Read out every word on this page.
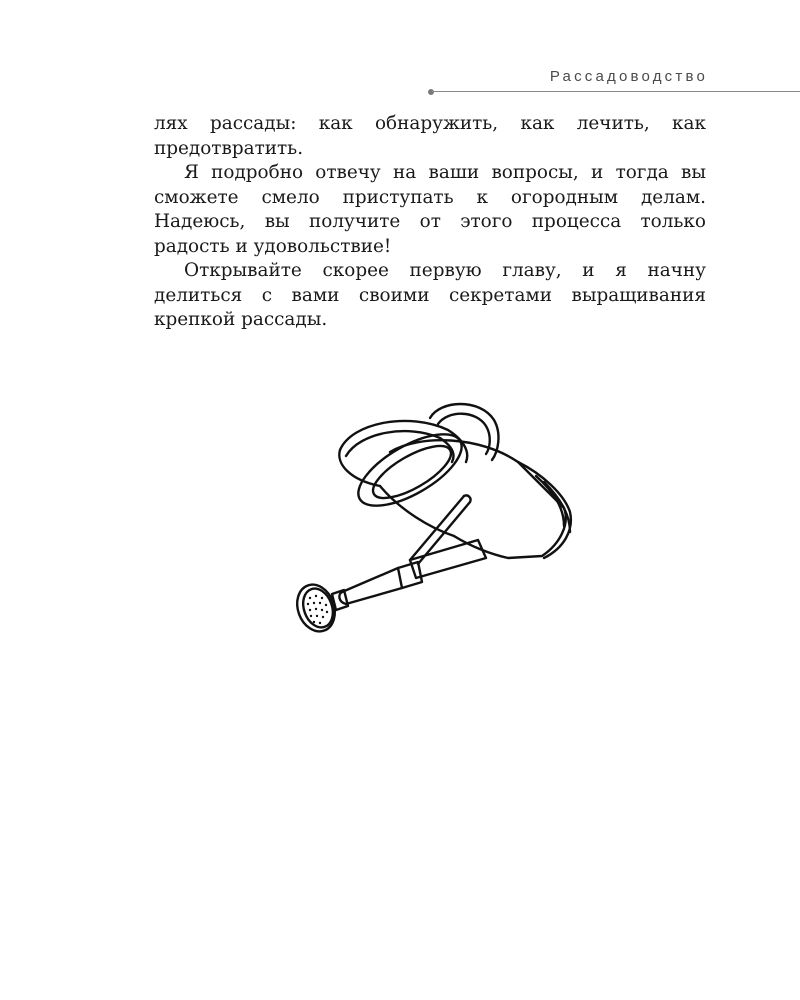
Рассадоводство

ляx рассады: как обнаружить, как лечить, как предотвратить.

Я подробно отвечу на ваши вопросы, и тогда вы сможете смело приступать к огородным делам. Надеюсь, вы получите от этого процесса только радость и удовольствие!

Открывайте скорее первую главу, и я начну делиться с вами своими секретами выращивания крепкой рассады.
